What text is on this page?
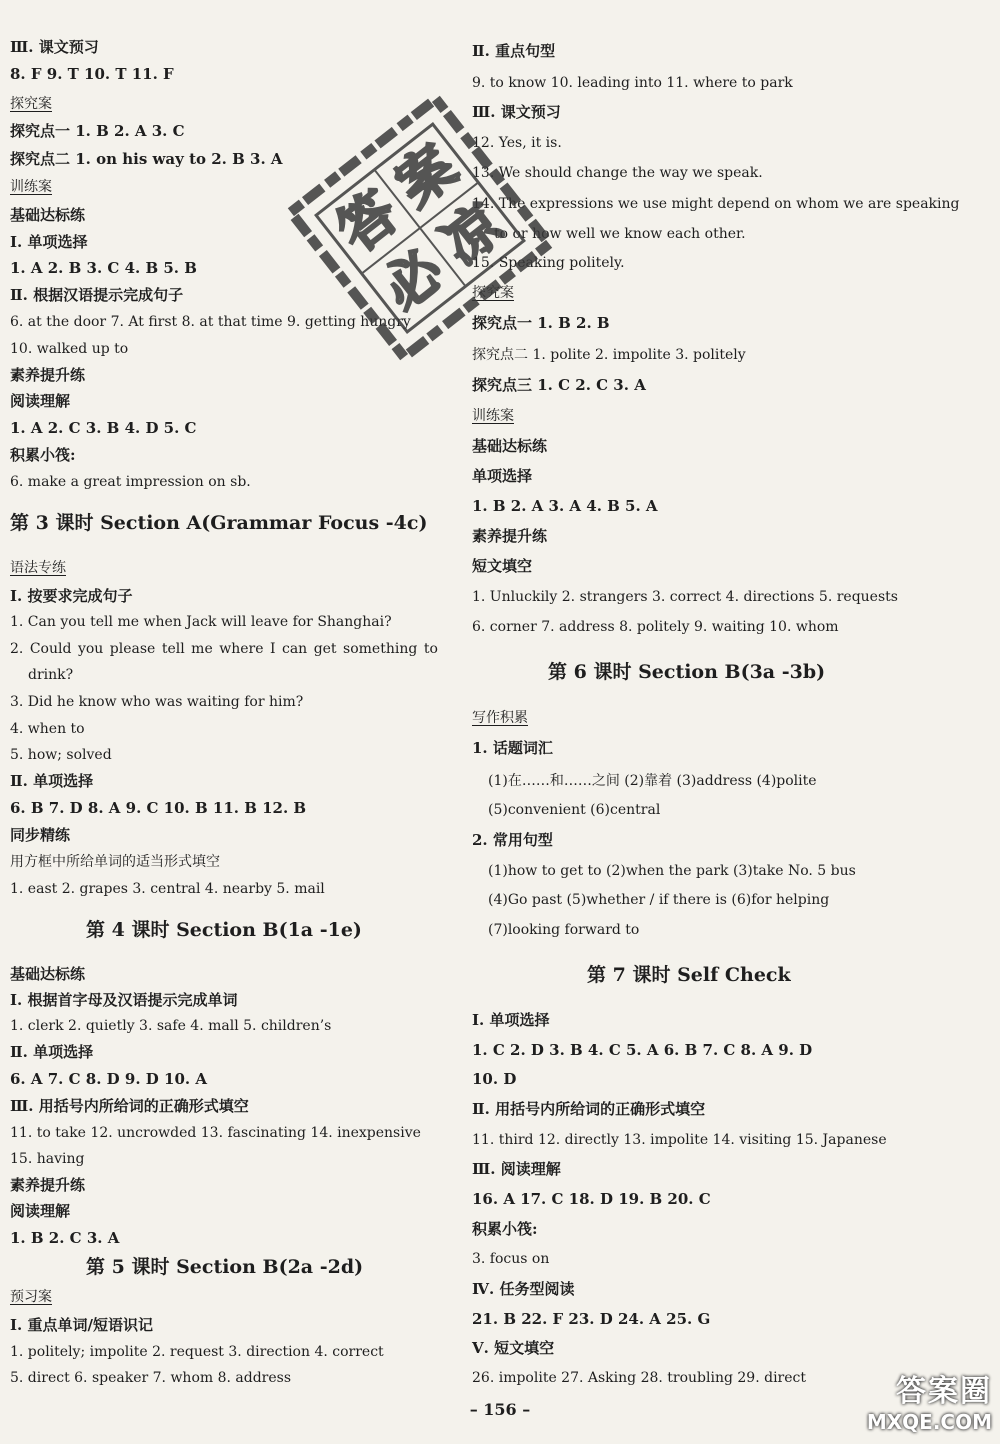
Ⅲ. 课文预习
8. F 9. T 10. T 11. F
探究案
探究点一 1. B 2. A 3. C
探究点二 1. on his way to 2. B 3. A
训练案
基础达标练
Ⅰ. 单项选择
1. A 2. B 3. C 4. B 5. B
Ⅱ. 根据汉语提示完成句子
6. at the door 7. At first 8. at that time 9. getting hungry
10. walked up to
素养提升练
阅读理解
1. A 2. C 3. B 4. D 5. C
积累小筏:
6. make a great impression on sb.
第 3 课时 Section A(Grammar Focus -4c)
语法专练
Ⅰ. 按要求完成句子
1. Can you tell me when Jack will leave for Shanghai?
2. Could you please tell me where I can get something to
drink?
3. Did he know who was waiting for him?
4. when to
5. how; solved
Ⅱ. 单项选择
6. B 7. D 8. A 9. C 10. B 11. B 12. B
同步精练
用方框中所给单词的适当形式填空
1. east 2. grapes 3. central 4. nearby 5. mail
第 4 课时 Section B(1a -1e)
基础达标练
Ⅰ. 根据首字母及汉语提示完成单词
1. clerk 2. quietly 3. safe 4. mall 5. children’s
Ⅱ. 单项选择
6. A 7. C 8. D 9. D 10. A
Ⅲ. 用括号内所给词的正确形式填空
11. to take 12. uncrowded 13. fascinating 14. inexpensive
15. having
素养提升练
阅读理解
1. B 2. C 3. A
第 5 课时 Section B(2a -2d)
预习案
Ⅰ. 重点单词/短语识记
1. politely; impolite 2. request 3. direction 4. correct
5. direct 6. speaker 7. whom 8. address
Ⅱ. 重点句型
9. to know 10. leading into 11. where to park
Ⅲ. 课文预习
12. Yes, it is.
13. We should change the way we speak.
14. The expressions we use might depend on whom we are speaking
to or how well we know each other.
15. Speaking politely.
探究案
探究点一 1. B 2. B
探究点二 1. polite 2. impolite 3. politely
探究点三 1. C 2. C 3. A
训练案
基础达标练
单项选择
1. B 2. A 3. A 4. B 5. A
素养提升练
短文填空
1. Unluckily 2. strangers 3. correct 4. directions 5. requests
6. corner 7. address 8. politely 9. waiting 10. whom
第 6 课时 Section B(3a -3b)
写作积累
1. 话题词汇
(1)在……和……之间 (2)靠着 (3)address (4)polite
(5)convenient (6)central
2. 常用句型
(1)how to get to (2)when the park (3)take No. 5 bus
(4)Go past (5)whether / if there is (6)for helping
(7)looking forward to
第 7 课时 Self Check
Ⅰ. 单项选择
1. C 2. D 3. B 4. C 5. A 6. B 7. C 8. A 9. D
10. D
Ⅱ. 用括号内所给词的正确形式填空
11. third 12. directly 13. impolite 14. visiting 15. Japanese
Ⅲ. 阅读理解
16. A 17. C 18. D 19. B 20. C
积累小筏:
3. focus on
Ⅳ. 任务型阅读
21. B 22. F 23. D 24. A 25. G
Ⅴ. 短文填空
26. impolite 27. Asking 28. troubling 29. direct
答
案
必
凉
– 156 –
答案圈
MXQE.COM
